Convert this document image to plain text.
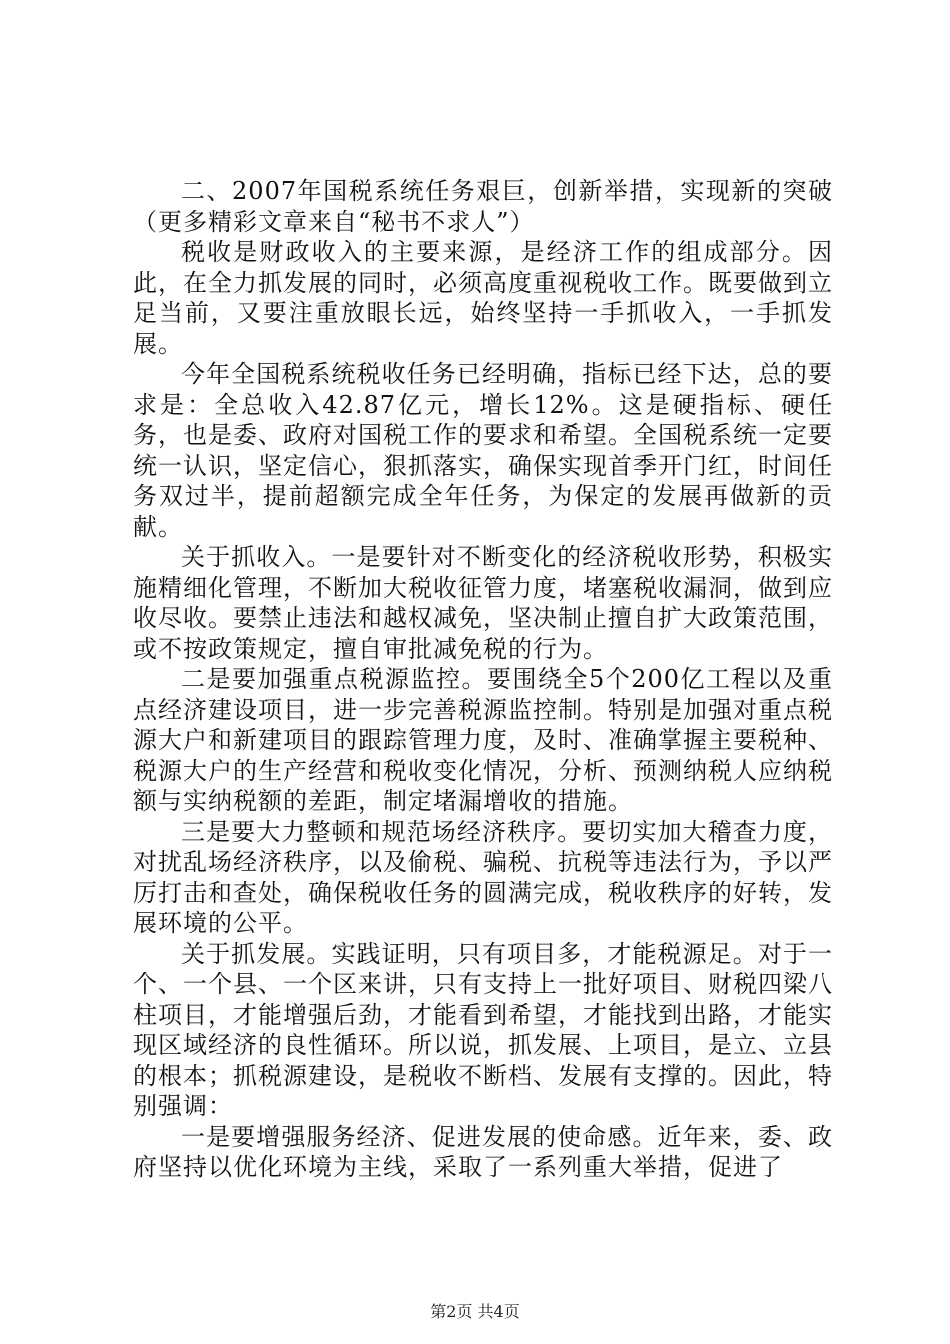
二、2007年国税系统任务艰巨，创新举措，实现新的突破（更多精彩文章来自“秘书不求人”）

税收是财政收入的主要来源，是经济工作的组成部分。因此，在全力抓发展的同时，必须高度重视税收工作。既要做到立足当前，又要注重放眼长远，始终坚持一手抓收入，一手抓发展。

今年全国税系统税收任务已经明确，指标已经下达，总的要求是：全总收入42.87亿元，增长12%。这是硬指标、硬任务，也是委、政府对国税工作的要求和希望。全国税系统一定要统一认识，坚定信心，狠抓落实，确保实现首季开门红，时间任务双过半，提前超额完成全年任务，为保定的发展再做新的贡献。

关于抓收入。一是要针对不断变化的经济税收形势，积极实施精细化管理，不断加大税收征管力度，堵塞税收漏洞，做到应收尽收。要禁止违法和越权减免，坚决制止擅自扩大政策范围，或不按政策规定，擅自审批减免税的行为。

二是要加强重点税源监控。要围绕全5个200亿工程以及重点经济建设项目，进一步完善税源监控制。特别是加强对重点税源大户和新建项目的跟踪管理力度，及时、准确掌握主要税种、税源大户的生产经营和税收变化情况，分析、预测纳税人应纳税额与实纳税额的差距，制定堵漏增收的措施。

三是要大力整顿和规范场经济秩序。要切实加大稽查力度，对扰乱场经济秩序，以及偷税、骗税、抗税等违法行为，予以严厉打击和查处，确保税收任务的圆满完成，税收秩序的好转，发展环境的公平。

关于抓发展。实践证明，只有项目多，才能税源足。对于一个、一个县、一个区来讲，只有支持上一批好项目、财税四梁八柱项目，才能增强后劲，才能看到希望，才能找到出路，才能实现区域经济的良性循环。所以说，抓发展、上项目，是立、立县的根本；抓税源建设，是税收不断档、发展有支撑的。因此，特别强调：

一是要增强服务经济、促进发展的使命感。近年来，委、政府坚持以优化环境为主线，采取了一系列重大举措，促进了

第2页 共4页
